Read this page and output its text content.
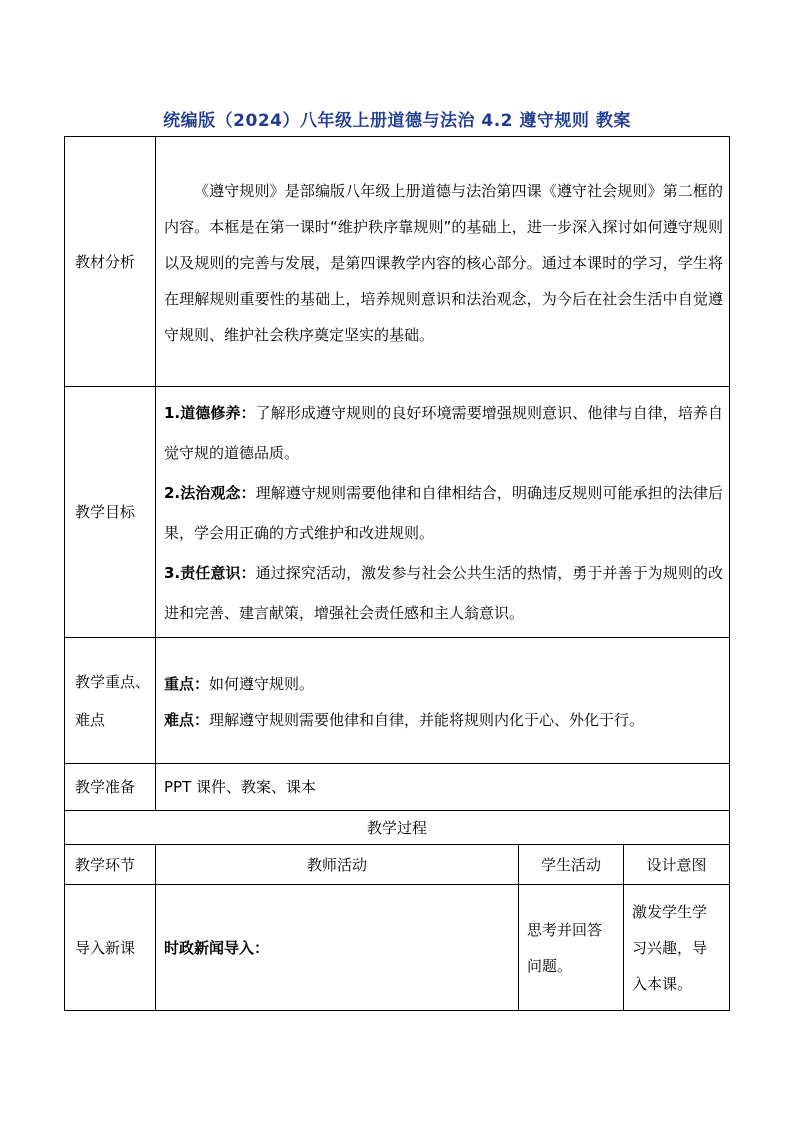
统编版（2024）八年级上册道德与法治 4.2 遵守规则 教案
教材分析	《遵守规则》是部编版八年级上册道德与法治第四课《遵守社会规则》第二框的内容。本框是在第一课时“维护秩序靠规则”的基础上，进一步深入探讨如何遵守规则以及规则的完善与发展，是第四课教学内容的核心部分。通过本课时的学习，学生将在理解规则重要性的基础上，培养规则意识和法治观念，为今后在社会生活中自觉遵守规则、维护社会秩序奠定坚实的基础。		
教学目标	1.道德修养：了解形成遵守规则的良好环境需要增强规则意识、他律与自律，培养自觉守规的道德品质。
2.法治观念：理解遵守规则需要他律和自律相结合，明确违反规则可能承担的法律后果，学会用正确的方式维护和改进规则。
3.责任意识：通过探究活动，激发参与社会公共生活的热情，勇于并善于为规则的改进和完善、建言献策，增强社会责任感和主人翁意识。		

教学重点、难点	重点：如何遵守规则。
难点：理解遵守规则需要他律和自律，并能将规则内化于心、外化于行。		

教学准备	PPT 课件、教案、课本		
教学过程			
教学环节	教师活动	学生活动	设计意图
导入新课	时政新闻导入：	思考并回答问题。	激发学生学习兴趣，导入本课。
